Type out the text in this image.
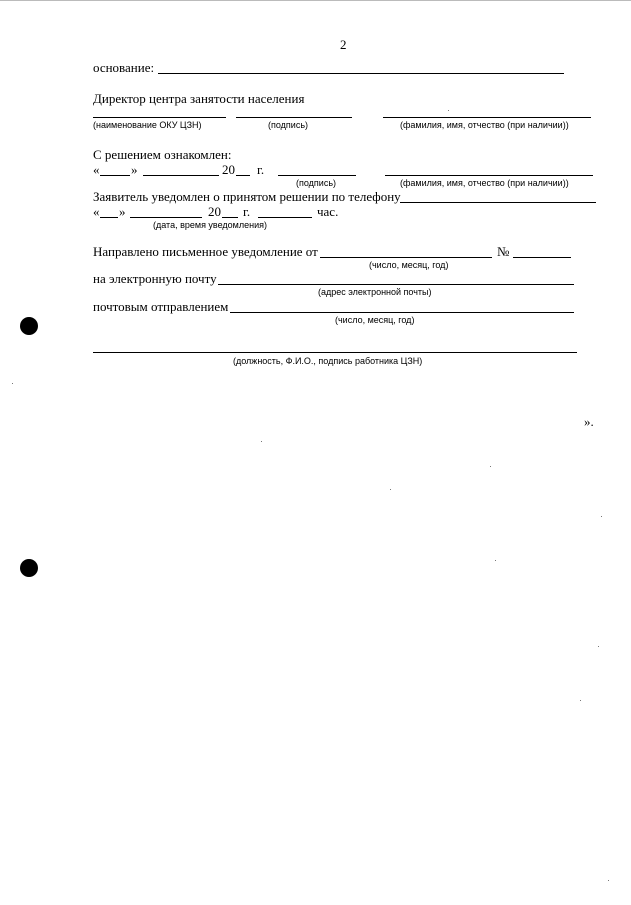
2
основание:
Директор центра занятости населения
(наименование ОКУ ЦЗН)	(подпись)	(фамилия, имя, отчество (при наличии))
С решением ознакомлен:
« »	20 г.
(подпись)	(фамилия, имя, отчество (при наличии))
Заявитель уведомлен о принятом решении по телефону
« »	20 г.	час.
(дата, время уведомления)
Направлено письменное уведомление от	№
(число, месяц, год)
на электронную почту
(адрес электронной почты)
почтовым отправлением
(число, месяц, год)
(должность, Ф.И.О., подпись работника ЦЗН)
».
